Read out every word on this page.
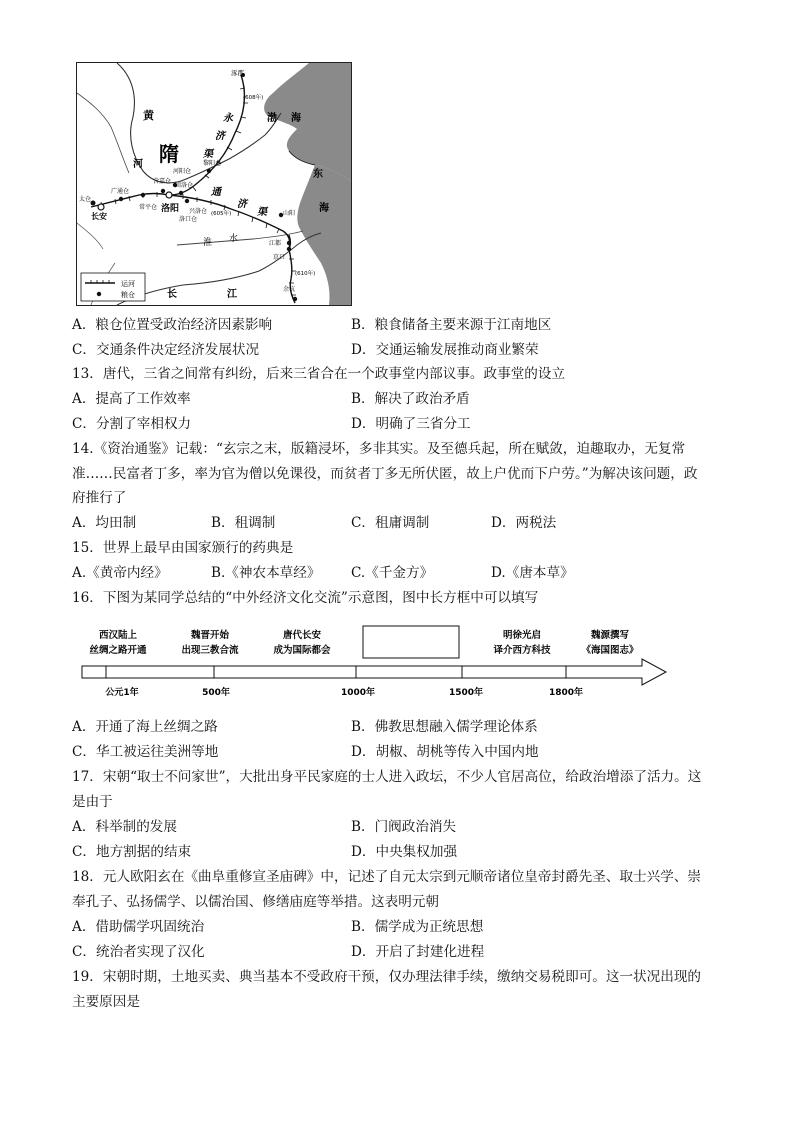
黄
隋
河
渤 海
东
海
永
济
渠
通
济
渠
淮 水
长	江
涿郡
长安
洛阳
太仓
广通仓
常平仓
含嘉仓
河阳仓
回洛仓
黎阳仓
兴洛仓
洛口仓
山阳
江都
京口
余杭
(605年)
(608年)
(610年)
运河
粮仓
A．粮仓位置受政治经济因素影响	B．粮食储备主要来源于江南地区
C．交通条件决定经济发展状况	D．交通运输发展推动商业繁荣
13．唐代，三省之间常有纠纷，后来三省合在一个政事堂内部议事。政事堂的设立
A．提高了工作效率	B．解决了政治矛盾
C．分割了宰相权力	D．明确了三省分工
14.《资治通鉴》记载：“玄宗之末，版籍浸坏，多非其实。及至德兵起，所在赋敛，迫趣取办，无复常
准……民富者丁多，率为官为僧以免课役，而贫者丁多无所伏匿，故上户优而下户劳。”为解决该问题，政
府推行了
A．均田制	B．租调制	C．租庸调制	D．两税法
15．世界上最早由国家颁行的药典是
A.《黄帝内经》	B.《神农本草经》 C.《千金方》	D.《唐本草》
16．下图为某同学总结的“中外经济文化交流”示意图，图中长方框中可以填写
西汉陆上
丝绸之路开通
魏晋开始
出现三教合流
唐代长安
成为国际都会
明徐光启
译介西方科技
魏源撰写
《海国图志》
公元1年	500年	1000年	1500年	1800年
A．开通了海上丝绸之路	B．佛教思想融入儒学理论体系
C．华工被运往美洲等地	D．胡椒、胡桃等传入中国内地
17．宋朝“取士不问家世”，大批出身平民家庭的士人进入政坛，不少人官居高位，给政治增添了活力。这
是由于
A．科举制的发展	B．门阀政治消失
C．地方割据的结束	D．中央集权加强
18．元人欧阳玄在《曲阜重修宣圣庙碑》中，记述了自元太宗到元顺帝诸位皇帝封爵先圣、取士兴学、崇
奉孔子、弘扬儒学、以儒治国、修缮庙庭等举措。这表明元朝
A．借助儒学巩固统治	B．儒学成为正统思想
C．统治者实现了汉化	D．开启了封建化进程
19．宋朝时期，土地买卖、典当基本不受政府干预，仅办理法律手续，缴纳交易税即可。这一状况出现的
主要原因是
